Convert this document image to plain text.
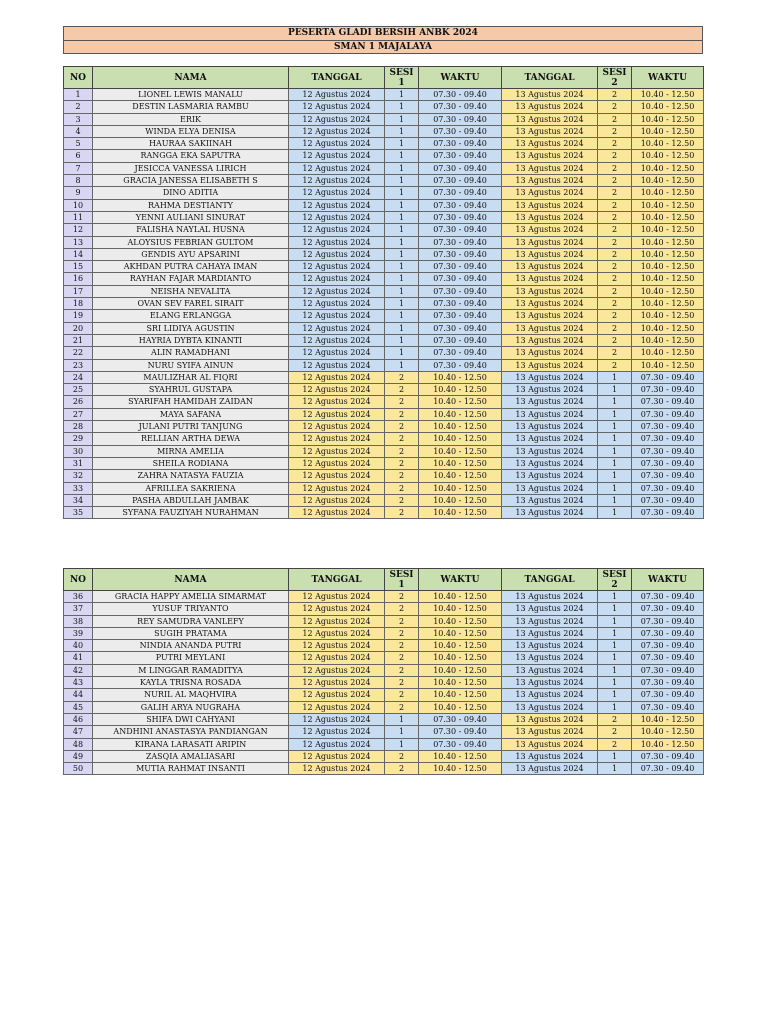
PESERTA GLADI BERSIH ANBK 2024
SMAN 1 MAJALAYA
NO	NAMA	TANGGAL	SESI 1	WAKTU	TANGGAL	SESI 2	WAKTU
1	LIONEL LEWIS MANALU	12 Agustus 2024	1	07.30 - 09.40	13 Agustus 2024	2	10.40 - 12.50
2	DESTIN LASMARIA RAMBU	12 Agustus 2024	1	07.30 - 09.40	13 Agustus 2024	2	10.40 - 12.50
3	ERIK	12 Agustus 2024	1	07.30 - 09.40	13 Agustus 2024	2	10.40 - 12.50
4	WINDA ELYA DENISA	12 Agustus 2024	1	07.30 - 09.40	13 Agustus 2024	2	10.40 - 12.50
5	HAURAA SAKIINAH	12 Agustus 2024	1	07.30 - 09.40	13 Agustus 2024	2	10.40 - 12.50
6	RANGGA EKA SAPUTRA	12 Agustus 2024	1	07.30 - 09.40	13 Agustus 2024	2	10.40 - 12.50
7	JESICCA VANESSA LIRICH	12 Agustus 2024	1	07.30 - 09.40	13 Agustus 2024	2	10.40 - 12.50
8	GRACIA JANESSA ELISABETH S	12 Agustus 2024	1	07.30 - 09.40	13 Agustus 2024	2	10.40 - 12.50
9	DINO ADITIA	12 Agustus 2024	1	07.30 - 09.40	13 Agustus 2024	2	10.40 - 12.50
10	RAHMA DESTIANTY	12 Agustus 2024	1	07.30 - 09.40	13 Agustus 2024	2	10.40 - 12.50
11	YENNI AULIANI SINURAT	12 Agustus 2024	1	07.30 - 09.40	13 Agustus 2024	2	10.40 - 12.50
12	FALISHA NAYLAL HUSNA	12 Agustus 2024	1	07.30 - 09.40	13 Agustus 2024	2	10.40 - 12.50
13	ALOYSIUS FEBRIAN GULTOM	12 Agustus 2024	1	07.30 - 09.40	13 Agustus 2024	2	10.40 - 12.50
14	GENDIS AYU APSARINI	12 Agustus 2024	1	07.30 - 09.40	13 Agustus 2024	2	10.40 - 12.50
15	AKHDAN PUTRA CAHAYA IMAN	12 Agustus 2024	1	07.30 - 09.40	13 Agustus 2024	2	10.40 - 12.50
16	RAYHAN FAJAR MARDIANTO	12 Agustus 2024	1	07.30 - 09.40	13 Agustus 2024	2	10.40 - 12.50
17	NEISHA NEVALITA	12 Agustus 2024	1	07.30 - 09.40	13 Agustus 2024	2	10.40 - 12.50
18	OVAN SEV FAREL SIRAIT	12 Agustus 2024	1	07.30 - 09.40	13 Agustus 2024	2	10.40 - 12.50
19	ELANG ERLANGGA	12 Agustus 2024	1	07.30 - 09.40	13 Agustus 2024	2	10.40 - 12.50
20	SRI LIDIYA AGUSTIN	12 Agustus 2024	1	07.30 - 09.40	13 Agustus 2024	2	10.40 - 12.50
21	HAYRIA DYBTA KINANTI	12 Agustus 2024	1	07.30 - 09.40	13 Agustus 2024	2	10.40 - 12.50
22	ALIN RAMADHANI	12 Agustus 2024	1	07.30 - 09.40	13 Agustus 2024	2	10.40 - 12.50
23	NURU SYIFA AINUN	12 Agustus 2024	1	07.30 - 09.40	13 Agustus 2024	2	10.40 - 12.50
24	MAULIZHAR AL FIQRI	12 Agustus 2024	2	10.40 - 12.50	13 Agustus 2024	1	07.30 - 09.40
25	SYAHRUL GUSTAPA	12 Agustus 2024	2	10.40 - 12.50	13 Agustus 2024	1	07.30 - 09.40
26	SYARIFAH HAMIDAH ZAIDAN	12 Agustus 2024	2	10.40 - 12.50	13 Agustus 2024	1	07.30 - 09.40
27	MAYA SAFANA	12 Agustus 2024	2	10.40 - 12.50	13 Agustus 2024	1	07.30 - 09.40
28	JULANI PUTRI TANJUNG	12 Agustus 2024	2	10.40 - 12.50	13 Agustus 2024	1	07.30 - 09.40
29	RELLIAN ARTHA DEWA	12 Agustus 2024	2	10.40 - 12.50	13 Agustus 2024	1	07.30 - 09.40
30	MIRNA AMELIA	12 Agustus 2024	2	10.40 - 12.50	13 Agustus 2024	1	07.30 - 09.40
31	SHEILA RODIANA	12 Agustus 2024	2	10.40 - 12.50	13 Agustus 2024	1	07.30 - 09.40
32	ZAHRA NATASYA FAUZIA	12 Agustus 2024	2	10.40 - 12.50	13 Agustus 2024	1	07.30 - 09.40
33	AFRILLEA SAKRIENA	12 Agustus 2024	2	10.40 - 12.50	13 Agustus 2024	1	07.30 - 09.40
34	PASHA ABDULLAH JAMBAK	12 Agustus 2024	2	10.40 - 12.50	13 Agustus 2024	1	07.30 - 09.40
35	SYFANA FAUZIYAH NURAHMAN	12 Agustus 2024	2	10.40 - 12.50	13 Agustus 2024	1	07.30 - 09.40
NO	NAMA	TANGGAL	SESI 1	WAKTU	TANGGAL	SESI 2	WAKTU
36	GRACIA HAPPY AMELIA SIMARMAT	12 Agustus 2024	2	10.40 - 12.50	13 Agustus 2024	1	07.30 - 09.40
37	YUSUF TRIYANTO	12 Agustus 2024	2	10.40 - 12.50	13 Agustus 2024	1	07.30 - 09.40
38	REY SAMUDRA VANLEFY	12 Agustus 2024	2	10.40 - 12.50	13 Agustus 2024	1	07.30 - 09.40
39	SUGIH PRATAMA	12 Agustus 2024	2	10.40 - 12.50	13 Agustus 2024	1	07.30 - 09.40
40	NINDIA ANANDA PUTRI	12 Agustus 2024	2	10.40 - 12.50	13 Agustus 2024	1	07.30 - 09.40
41	PUTRI MEYLANI	12 Agustus 2024	2	10.40 - 12.50	13 Agustus 2024	1	07.30 - 09.40
42	M LINGGAR RAMADITYA	12 Agustus 2024	2	10.40 - 12.50	13 Agustus 2024	1	07.30 - 09.40
43	KAYLA TRISNA ROSADA	12 Agustus 2024	2	10.40 - 12.50	13 Agustus 2024	1	07.30 - 09.40
44	NURIL AL MAQHVIRA	12 Agustus 2024	2	10.40 - 12.50	13 Agustus 2024	1	07.30 - 09.40
45	GALIH ARYA NUGRAHA	12 Agustus 2024	2	10.40 - 12.50	13 Agustus 2024	1	07.30 - 09.40
46	SHIFA DWI CAHYANI	12 Agustus 2024	1	07.30 - 09.40	13 Agustus 2024	2	10.40 - 12.50
47	ANDHINI ANASTASYA PANDIANGAN	12 Agustus 2024	1	07.30 - 09.40	13 Agustus 2024	2	10.40 - 12.50
48	KIRANA LARASATI ARIPIN	12 Agustus 2024	1	07.30 - 09.40	13 Agustus 2024	2	10.40 - 12.50
49	ZASQIA AMALIASARI	12 Agustus 2024	2	10.40 - 12.50	13 Agustus 2024	1	07.30 - 09.40
50	MUTIA RAHMAT INSANTI	12 Agustus 2024	2	10.40 - 12.50	13 Agustus 2024	1	07.30 - 09.40
